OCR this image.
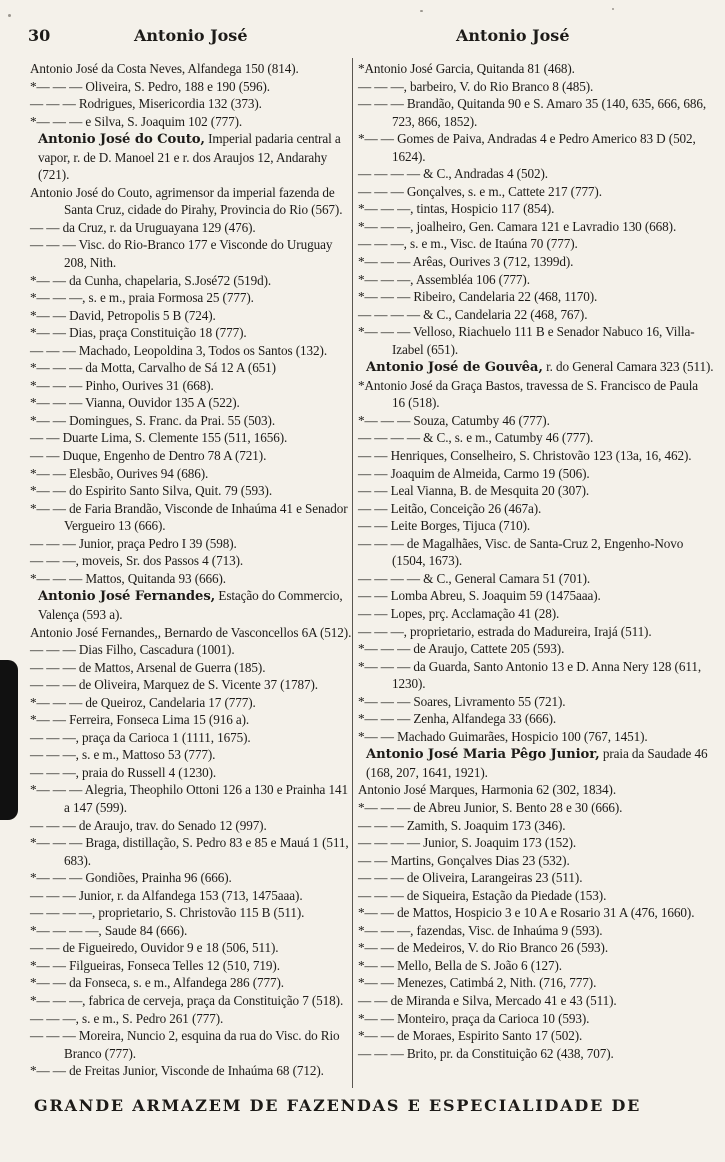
30	Antonio José	Antonio José

Antonio José da Costa Neves, Alfandega 150 (814).

*— — — Oliveira, S. Pedro, 188 e 190 (596).

— — — Rodrigues, Misericordia 132 (373).

*— — — e Silva, S. Joaquim 102 (777).

Antonio José do Couto, Imperial padaria central a vapor, r. de D. Manoel 21 e r. dos Araujos 12, Andarahy (721).

Antonio José do Couto, agrimensor da imperial fazenda de Santa Cruz, cidade do Pirahy, Provincia do Rio (567).

— — da Cruz, r. da Uruguayana 129 (476).

— — — Visc. do Rio-Branco 177 e Visconde do Uruguay 208, Nith.

*— — da Cunha, chapelaria, S.José72 (519d).

*— — —, s. e m., praia Formosa 25 (777).

*— — David, Petropolis 5 B (724).

*— — Dias, praça Constituição 18 (777).

— — — Machado, Leopoldina 3, Todos os Santos (132).

*— — — da Motta, Carvalho de Sá 12 A (651)

*— — — Pinho, Ourives 31 (668).

*— — — Vianna, Ouvidor 135 A (522).

*— — Domingues, S. Franc. da Prai. 55 (503).

— — Duarte Lima, S. Clemente 155 (511, 1656).

— — Duque, Engenho de Dentro 78 A (721).

*— — Elesbão, Ourives 94 (686).

*— — do Espirito Santo Silva, Quit. 79 (593).

*— — de Faria Brandão, Visconde de Inhaúma 41 e Senador Vergueiro 13 (666).

— — — Junior, praça Pedro I 39 (598).

— — —, moveis, Sr. dos Passos 4 (713).

*— — — Mattos, Quitanda 93 (666).

Antonio José Fernandes, Estação do Commercio, Valença (593 a).

Antonio José Fernandes,, Bernardo de Vasconcellos 6A (512).

— — — Dias Filho, Cascadura (1001).

— — — de Mattos, Arsenal de Guerra (185).

— — — de Oliveira, Marquez de S. Vicente 37 (1787).

*— — — de Queiroz, Candelaria 17 (777).

*— — Ferreira, Fonseca Lima 15 (916 a).

— — —, praça da Carioca 1 (1111, 1675).

— — —, s. e m., Mattoso 53 (777).

— — —, praia do Russell 4 (1230).

*— — — Alegria, Theophilo Ottoni 126 a 130 e Prainha 141 a 147 (599).

— — — de Araujo, trav. do Senado 12 (997).

*— — — Braga, distillação, S. Pedro 83 e 85 e Mauá 1 (511, 683).

*— — — Gondiões, Prainha 96 (666).

— — — Junior, r. da Alfandega 153 (713, 1475aaa).

— — — —, proprietario, S. Christovão 115 B (511).

*— — — —, Saude 84 (666).

— — de Figueiredo, Ouvidor 9 e 18 (506, 511).

*— — Filgueiras, Fonseca Telles 12 (510, 719).

*— — da Fonseca, s. e m., Alfandega 286 (777).

*— — —, fabrica de cerveja, praça da Constituição 7 (518).

— — —, s. e m., S. Pedro 261 (777).

— — — Moreira, Nuncio 2, esquina da rua do Visc. do Rio Branco (777).

*— — de Freitas Junior, Visconde de Inhaúma 68 (712).

*Antonio José Garcia, Quitanda 81 (468).

— — —, barbeiro, V. do Rio Branco 8 (485).

— — — Brandão, Quitanda 90 e S. Amaro 35 (140, 635, 666, 686, 723, 866, 1852).

*— — Gomes de Paiva, Andradas 4 e Pedro Americo 83 D (502, 1624).

— — — — & C., Andradas 4 (502).

— — — Gonçalves, s. e m., Cattete 217 (777).

*— — —, tintas, Hospicio 117 (854).

*— — —, joalheiro, Gen. Camara 121 e Lavradio 130 (668).

— — —, s. e m., Visc. de Itaúna 70 (777).

*— — — Arêas, Ourives 3 (712, 1399d).

*— — —, Assembléa 106 (777).

*— — — Ribeiro, Candelaria 22 (468, 1170).

— — — — & C., Candelaria 22 (468, 767).

*— — — Velloso, Riachuelo 111 B e Senador Nabuco 16, Villa-Izabel (651).

Antonio José de Gouvêa, r. do General Camara 323 (511).

*Antonio José da Graça Bastos, travessa de S. Francisco de Paula 16 (518).

*— — — Souza, Catumby 46 (777).

— — — — & C., s. e m., Catumby 46 (777).

— — Henriques, Conselheiro, S. Christovão 123 (13a, 16, 462).

— — Joaquim de Almeida, Carmo 19 (506).

— — Leal Vianna, B. de Mesquita 20 (307).

— — Leitão, Conceição 26 (467a).

— — Leite Borges, Tijuca (710).

— — — de Magalhães, Visc. de Santa-Cruz 2, Engenho-Novo (1504, 1673).

— — — — & C., General Camara 51 (701).

— — Lomba Abreu, S. Joaquim 59 (1475aaa).

— — Lopes, prç. Acclamação 41 (28).

— — —, proprietario, estrada do Madureira, Irajá (511).

*— — — de Araujo, Cattete 205 (593).

*— — — da Guarda, Santo Antonio 13 e D. Anna Nery 128 (611, 1230).

*— — — Soares, Livramento 55 (721).

*— — — Zenha, Alfandega 33 (666).

*— — Machado Guimarães, Hospicio 100 (767, 1451).

Antonio José Maria Pêgo Junior, praia da Saudade 46 (168, 207, 1641, 1921).

Antonio José Marques, Harmonia 62 (302, 1834).

*— — — de Abreu Junior, S. Bento 28 e 30 (666).

— — — Zamith, S. Joaquim 173 (346).

— — — — Junior, S. Joaquim 173 (152).

— — Martins, Gonçalves Dias 23 (532).

— — — de Oliveira, Larangeiras 23 (511).

— — — de Siqueira, Estação da Piedade (153).

*— — de Mattos, Hospicio 3 e 10 A e Rosario 31 A (476, 1660).

*— — —, fazendas, Visc. de Inhaúma 9 (593).

*— — de Medeiros, V. do Rio Branco 26 (593).

*— — Mello, Bella de S. João 6 (127).

*— — Menezes, Catimbá 2, Nith. (716, 777).

— — de Miranda e Silva, Mercado 41 e 43 (511).

*— — Monteiro, praça da Carioca 10 (593).

*— — de Moraes, Espirito Santo 17 (502).

— — — Brito, pr. da Constituição 62 (438, 707).

GRANDE ARMAZEM DE FAZENDAS E ESPECIALIDADE DE
